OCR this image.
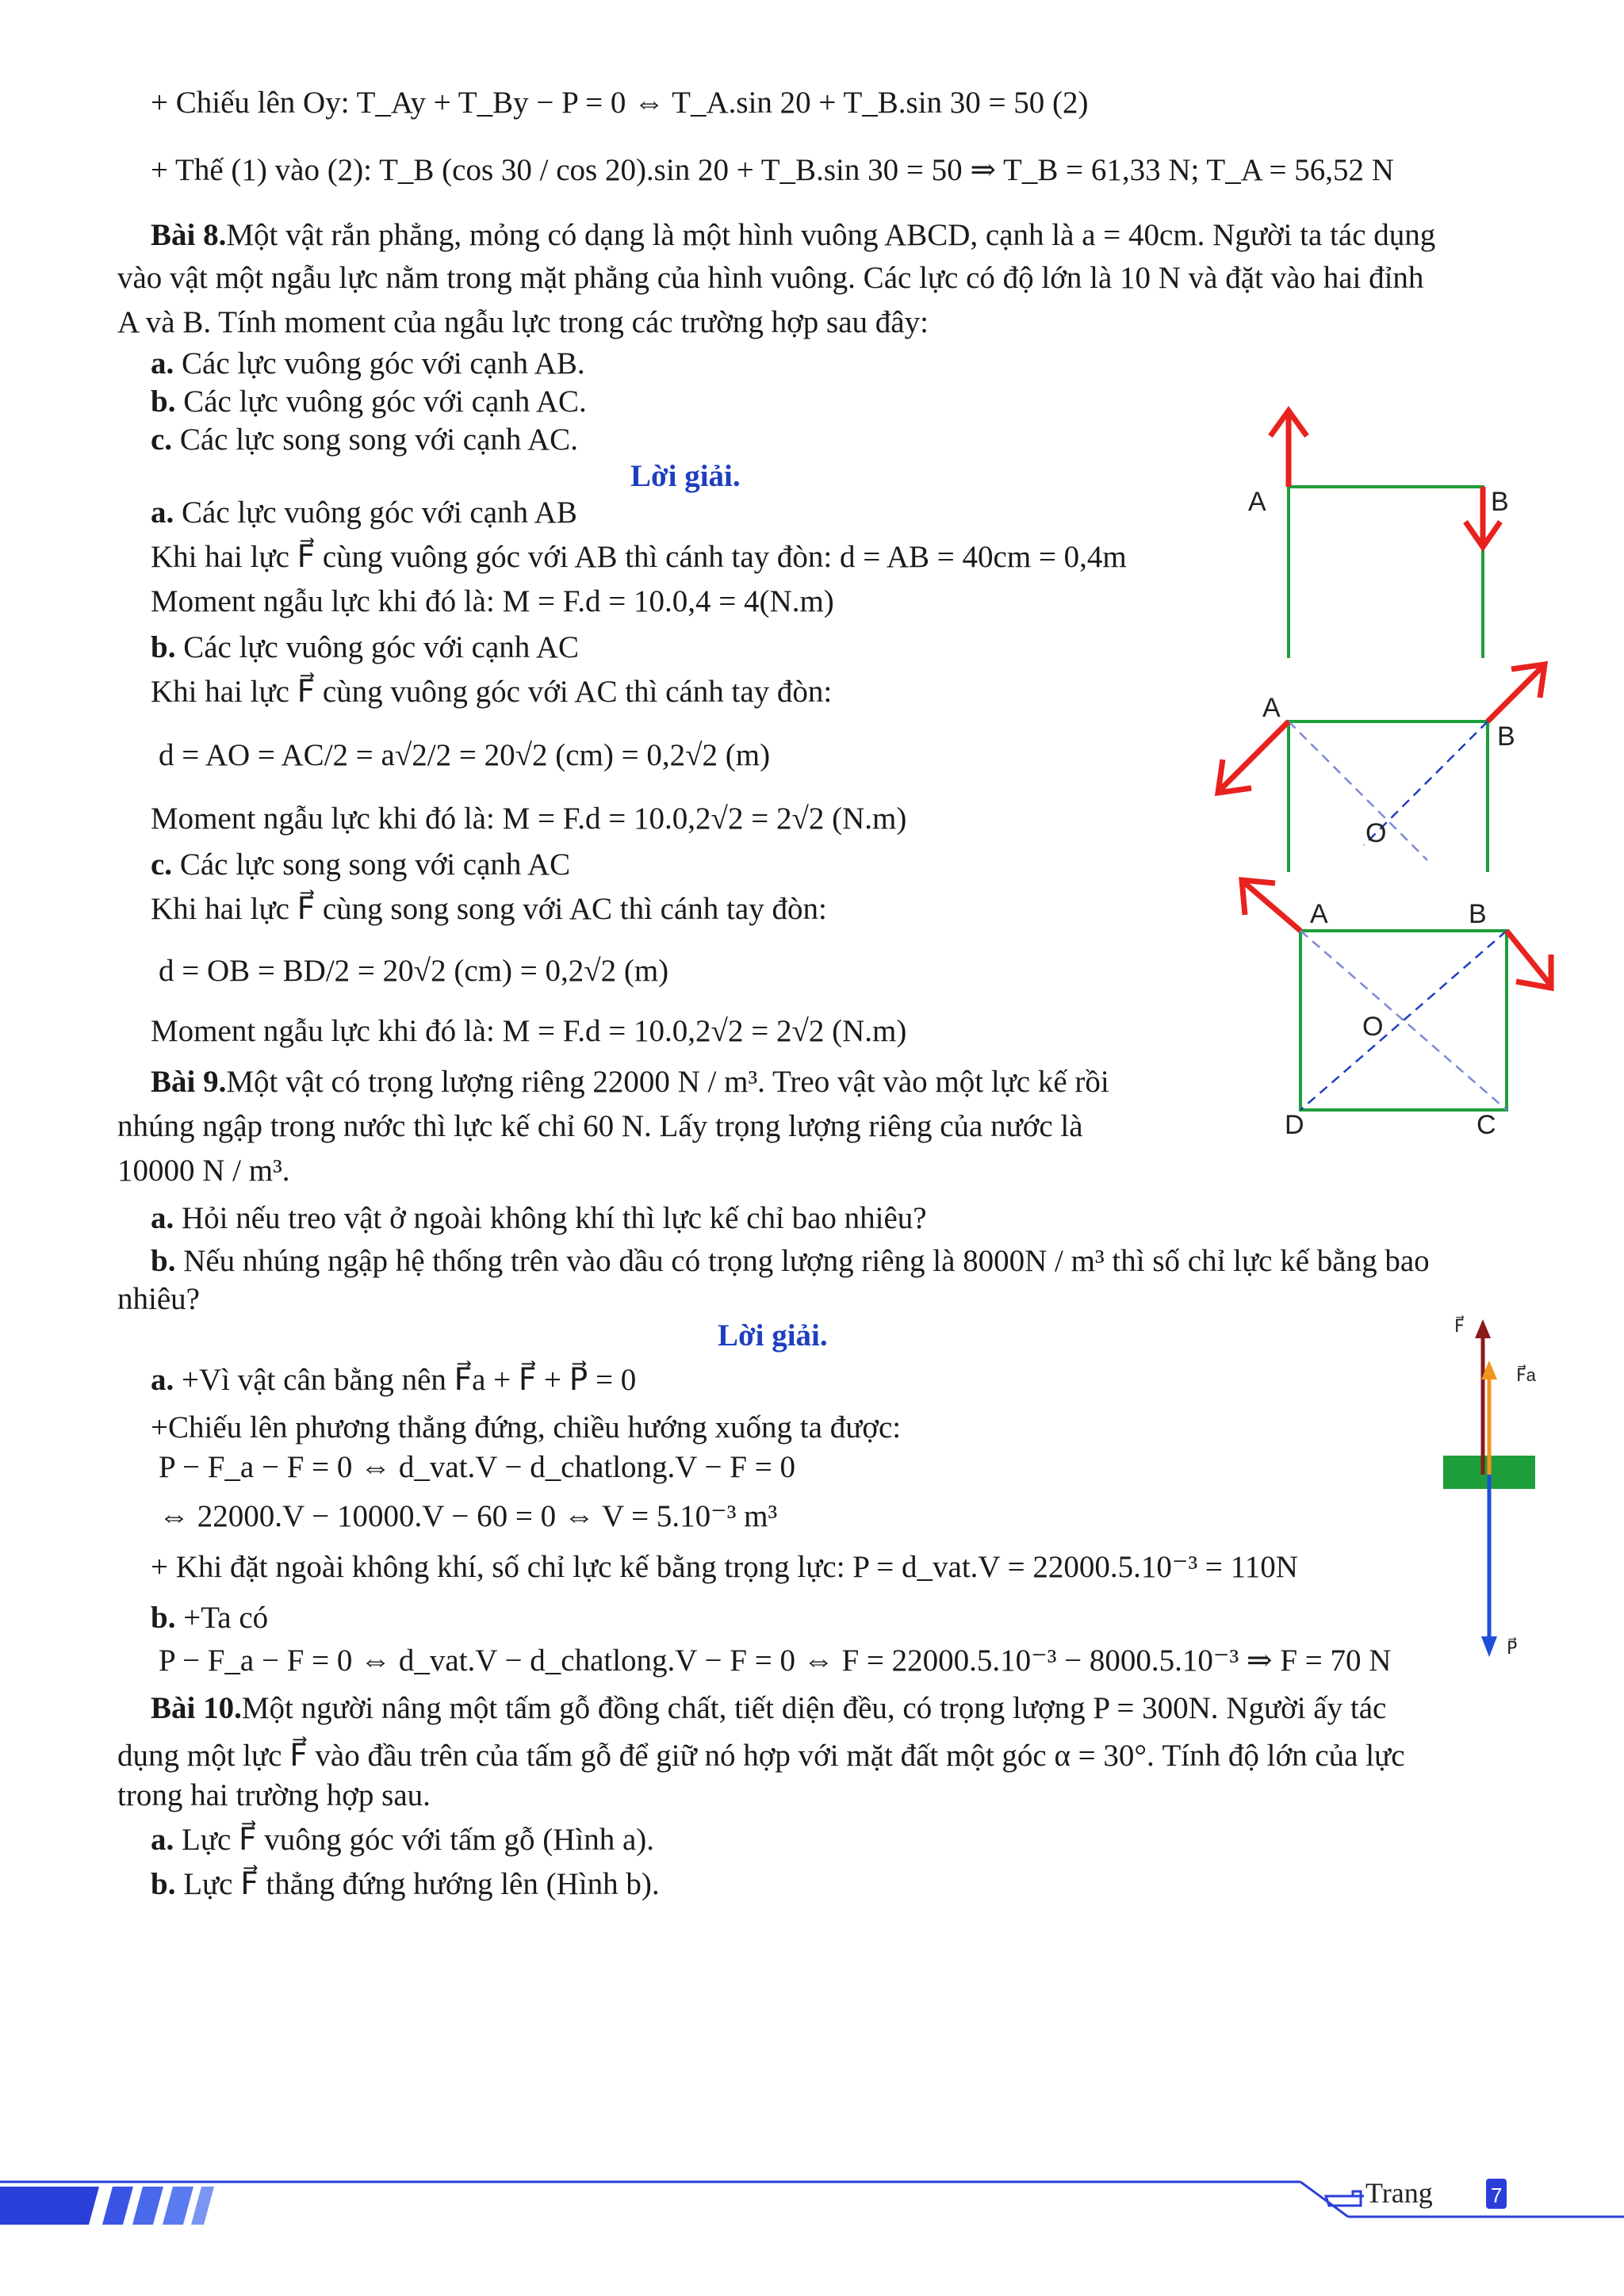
+ Chiếu lên Oy: T_Ay + T_By − P = 0 ⇔ T_A.sin 20 + T_B.sin 30 = 50 (2)
+ Thế (1) vào (2): T_B (cos 30 / cos 20).sin 20 + T_B.sin 30 = 50 ⇒ T_B = 61,33 N; T_A = 56,52 N
Bài 8.Một vật rắn phẳng, mỏng có dạng là một hình vuông ABCD, cạnh là a = 40cm. Người ta tác dụng
vào vật một ngẫu lực nằm trong mặt phẳng của hình vuông. Các lực có độ lớn là 10 N và đặt vào hai đỉnh
A và B. Tính moment của ngẫu lực trong các trường hợp sau đây:
a. Các lực vuông góc với cạnh AB.
b. Các lực vuông góc với cạnh AC.
c. Các lực song song với cạnh AC.
Lời giải.
a. Các lực vuông góc với cạnh AB
Khi hai lực F⃗ cùng vuông góc với AB thì cánh tay đòn: d = AB = 40cm = 0,4m
Moment ngẫu lực khi đó là: M = F.d = 10.0,4 = 4(N.m)
b. Các lực vuông góc với cạnh AC
Khi hai lực F⃗ cùng vuông góc với AC thì cánh tay đòn:
d = AO = AC/2 = a√2/2 = 20√2 (cm) = 0,2√2 (m)
Moment ngẫu lực khi đó là: M = F.d = 10.0,2√2 = 2√2 (N.m)
c. Các lực song song với cạnh AC
Khi hai lực F⃗ cùng song song với AC thì cánh tay đòn:
d = OB = BD/2 = 20√2 (cm) = 0,2√2 (m)
Moment ngẫu lực khi đó là: M = F.d = 10.0,2√2 = 2√2 (N.m)
Bài 9.Một vật có trọng lượng riêng 22000 N / m³. Treo vật vào một lực kế rồi
nhúng ngập trong nước thì lực kế chỉ 60 N. Lấy trọng lượng riêng của nước là
10000 N / m³.
a. Hỏi nếu treo vật ở ngoài không khí thì lực kế chỉ bao nhiêu?
b. Nếu nhúng ngập hệ thống trên vào dầu có trọng lượng riêng là 8000N / m³ thì số chỉ lực kế bằng bao
nhiêu?
Lời giải.
a. +Vì vật cân bằng nên F⃗a + F⃗ + P⃗ = 0
+Chiếu lên phương thẳng đứng, chiều hướng xuống ta được:
P − F_a − F = 0 ⇔ d_vat.V − d_chatlong.V − F = 0
⇔ 22000.V − 10000.V − 60 = 0 ⇔ V = 5.10⁻³ m³
+ Khi đặt ngoài không khí, số chỉ lực kế bằng trọng lực: P = d_vat.V = 22000.5.10⁻³ = 110N
b. +Ta có
P − F_a − F = 0 ⇔ d_vat.V − d_chatlong.V − F = 0 ⇔ F = 22000.5.10⁻³ − 8000.5.10⁻³ ⇒ F = 70 N
Bài 10.Một người nâng một tấm gỗ đồng chất, tiết diện đều, có trọng lượng P = 300N. Người ấy tác
dụng một lực F⃗ vào đầu trên của tấm gỗ để giữ nó hợp với mặt đất một góc α = 30°. Tính độ lớn của lực
trong hai trường hợp sau.
a. Lực F⃗ vuông góc với tấm gỗ (Hình a).
b. Lực F⃗ thẳng đứng hướng lên (Hình b).
A	B
A
B
O
A	B
C
D
O
F⃗
F⃗a
P⃗
Trang	7
